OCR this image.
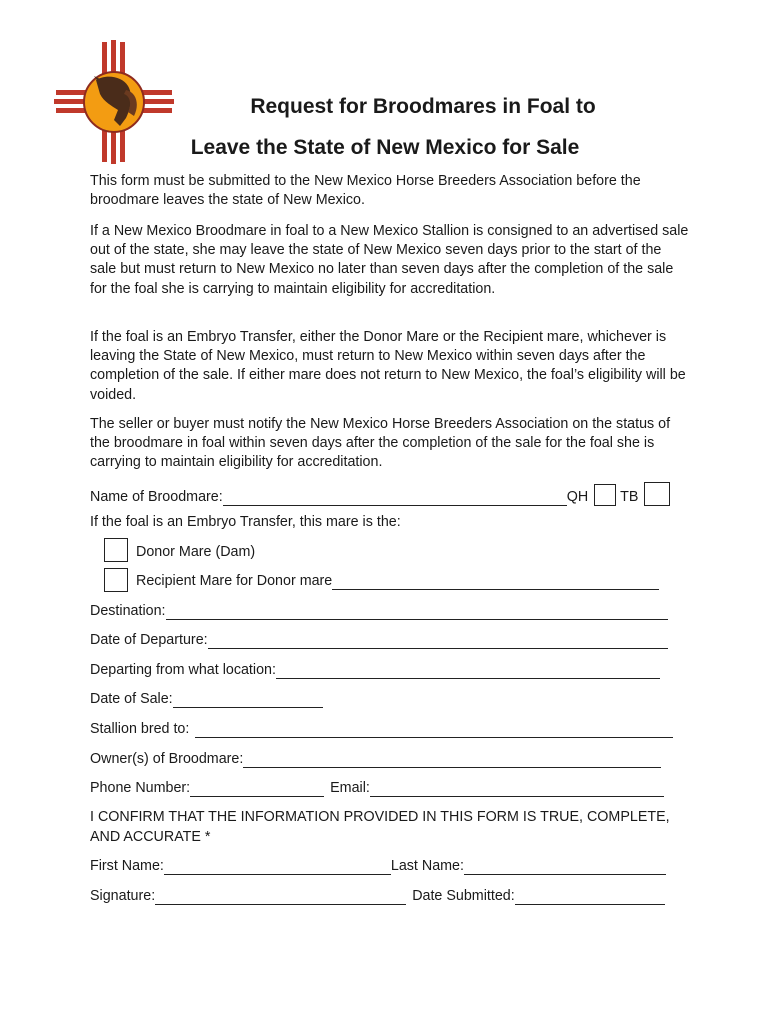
Request for Broodmares in Foal to
Leave the State of New Mexico for Sale

This form must be submitted to the New Mexico Horse Breeders Association before the broodmare leaves the state of New Mexico.

If a New Mexico Broodmare in foal to a New Mexico Stallion is consigned to an advertised sale out of the state, she may leave the state of New Mexico seven days prior to the start of the sale but must return to New Mexico no later than seven days after the completion of the sale for the foal she is carrying to maintain eligibility for accreditation.

If the foal is an Embryo Transfer, either the Donor Mare or the Recipient mare, whichever is leaving the State of New Mexico, must return to New Mexico within seven days after the completion of the sale. If either mare does not return to New Mexico, the foal’s eligibility will be voided.

The seller or buyer must notify the New Mexico Horse Breeders Association on the status of the broodmare in foal within seven days after the completion of the sale for the foal she is carrying to maintain eligibility for accreditation.

Name of Broodmare:	QH TB
If the foal is an Embryo Transfer, this mare is the:
Donor Mare (Dam)
Recipient Mare for Donor mare
Destination:
Date of Departure:
Departing from what location:
Date of Sale:
Stallion bred to:
Owner(s) of Broodmare:
Phone Number:	Email:

I CONFIRM THAT THE INFORMATION PROVIDED IN THIS FORM IS TRUE, COMPLETE, AND ACCURATE *

First Name:	Last Name:
Signature:	Date Submitted:
